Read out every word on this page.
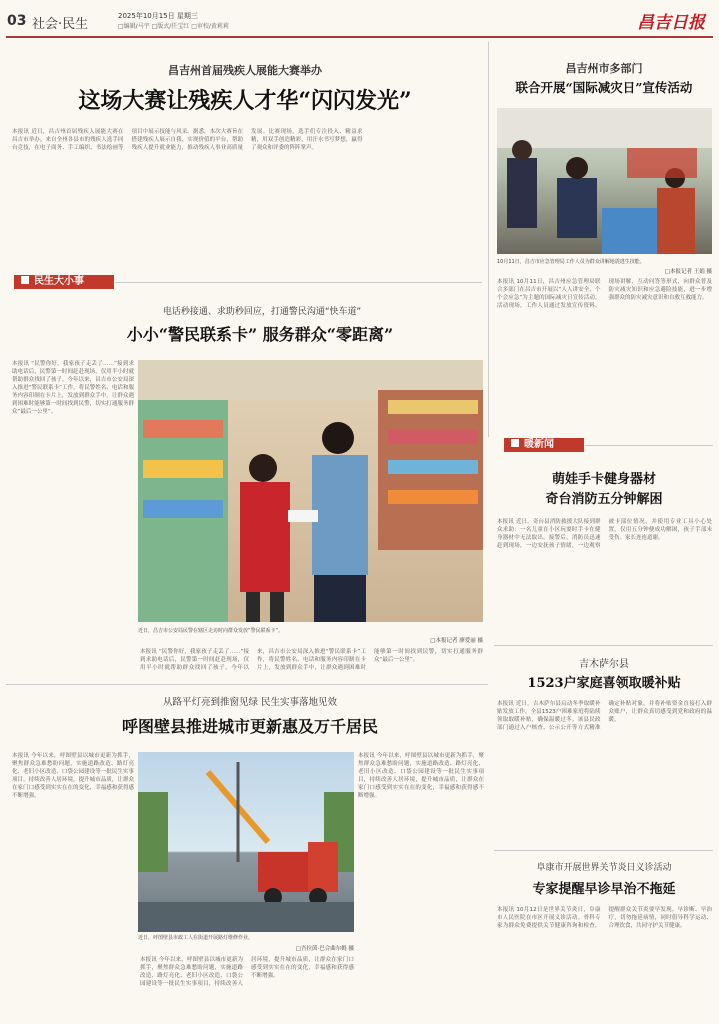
03 社会·民生
2025年10月15日 星期三
□编辑/马宇 □版式/任宝红 □审校/黄莉莉	昌吉日报
昌吉州首届残疾人展能大赛举办
这场大赛让残疾人才华“闪闪发光”
本报讯 近日，昌吉州首届残疾人展能大赛在昌吉市举办。来自全州各县市的残疾人选手同台竞技，在电子商务、手工编织、书法绘画等项目中展示技能与风采。据悉，本次大赛旨在搭建残疾人展示自我、实现价值的平台，帮助残疾人提升就业能力，推动残疾人事业高质量发展。比赛现场，选手们专注投入、精益求精，用双手创造精彩，用汗水书写梦想，赢得了观众和评委的阵阵掌声。
昌吉州市多部门
联合开展“国际减灾日”宣传活动
10月11日，昌吉市应急管理局工作人员为群众讲解地震逃生技能。
□本报记者 王娟 摄
本报讯 10月11日，昌吉州应急管理局联合多部门在昌吉市开展以“人人讲安全、个个会应急”为主题的国际减灾日宣传活动。活动现场，工作人员通过发放宣传资料、现场讲解、互动问答等形式，向群众普及防灾减灾知识和应急避险技能，进一步增强群众的防灾减灾意识和自救互救能力。
民生大小事
电话秒接通、求助秒回应，打通警民沟通“快车道”
小小“警民联系卡” 服务群众“零距离”
本报讯 “民警你好，我家孩子走丢了……”接到求助电话后，民警第一时间赶赴现场，仅用半小时就帮助群众找回了孩子。今年以来，昌吉市公安局深入推进“警民联系卡”工作，将民警姓名、电话和服务内容印制在卡片上，发放到群众手中，让群众遇到困难时能够第一时间找到民警，切实打通服务群众“最后一公里”。
近日，昌吉市公安局民警在辖区走访时向群众发放“警民联系卡”。
□本报记者 廖爱丽 摄
本报讯 “民警你好，我家孩子走丢了……”接到求助电话后，民警第一时间赶赴现场，仅用半小时就帮助群众找回了孩子。今年以来，昌吉市公安局深入推进“警民联系卡”工作，将民警姓名、电话和服务内容印制在卡片上，发放到群众手中，让群众遇到困难时能够第一时间找到民警，切实打通服务群众“最后一公里”。
暖新闻
萌娃手卡健身器材
奇台消防五分钟解困
本报讯 近日，奇台县消防救援大队接到群众求助：一名儿童在小区玩耍时手卡在健身器材中无法取出。接警后，消防员迅速赶到现场，一边安抚孩子情绪，一边观察被卡部位情况，并使用专业工具小心处置，仅用五分钟便成功解困，孩子手部未受伤。家长连连道谢。
吉木萨尔县
1523户家庭喜领取暖补贴
本报讯 近日，吉木萨尔县启动冬季取暖补贴发放工作，全县1523户困难家庭将陆续领取取暖补贴，确保温暖过冬。该县民政部门通过入户核查、公示公开等方式精准确定补贴对象，并将补贴资金直接打入群众账户，让群众真切感受到党和政府的温暖。
从路平灯亮到推窗见绿 民生实事落地见效
呼图壁县推进城市更新惠及万千居民
本报讯 今年以来，呼图壁县以城市更新为抓手，聚焦群众急难愁盼问题，实施道路改造、路灯亮化、老旧小区改造、口袋公园建设等一批民生实事项目，持续改善人居环境，提升城市品质，让群众在家门口感受到实实在在的变化，幸福感和获得感不断增强。
近日，呼图壁县市政工人在街道开展路灯维修作业。
□吾拉茵·巴合曲尔姆 摄
本报讯 今年以来，呼图壁县以城市更新为抓手，聚焦群众急难愁盼问题，实施道路改造、路灯亮化、老旧小区改造、口袋公园建设等一批民生实事项目，持续改善人居环境，提升城市品质，让群众在家门口感受到实实在在的变化，幸福感和获得感不断增强。
本报讯 今年以来，呼图壁县以城市更新为抓手，聚焦群众急难愁盼问题，实施道路改造、路灯亮化、老旧小区改造、口袋公园建设等一批民生实事项目，持续改善人居环境，提升城市品质，让群众在家门口感受到实实在在的变化，幸福感和获得感不断增强。
阜康市开展世界关节炎日义诊活动
专家提醒早诊早治不拖延
本报讯 10月12日是世界关节炎日，阜康市人民医院在市区开展义诊活动。骨科专家为群众免费提供关节健康咨询和检查，提醒群众关节炎要早发现、早诊断、早治疗，切勿拖延病情，同时倡导科学运动、合理饮食，共同守护关节健康。
